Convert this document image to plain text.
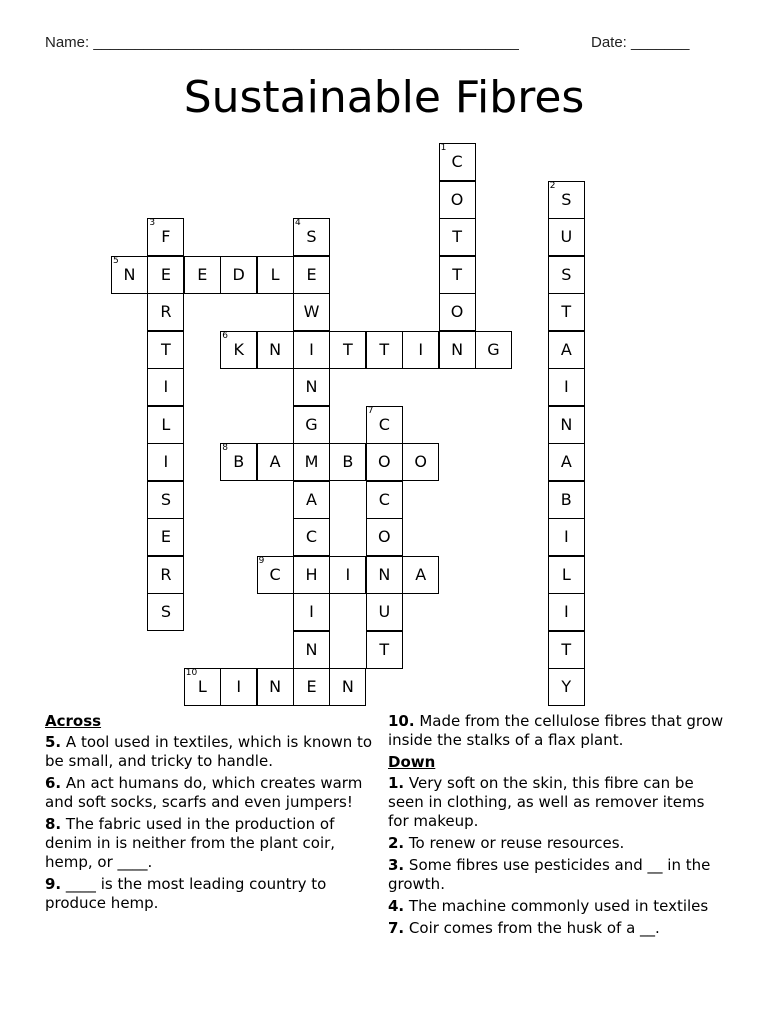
Name: ___________________________________________________	Date: _______
Sustainable Fibres
1
C
O
T
T
O
N
2
S
U
S
T
A
I
N
A
B
I
L
I
T
Y
3
F
E
R
T
I
L
I
S
E
R
S
4
S
E
W
I
N
G
M
A
C
H
I
N
E
5
N	E	D	L
6
K	N	T	T	I	G
7
C
O
C
O
N
U
T
8
B	A	B	O
9
C	I	A
10
L	I	N	N
Across
5. A tool used in textiles, which is known to be small, and tricky to handle.
6. An act humans do, which creates warm and soft socks, scarfs and even jumpers!
8. The fabric used in the production of denim in is neither from the plant coir, hemp, or ____.
9. ____ is the most leading country to produce hemp.
10. Made from the cellulose fibres that grow inside the stalks of a flax plant.
Down
1. Very soft on the skin, this fibre can be seen in clothing, as well as remover items for makeup.
2. To renew or reuse resources.
3. Some fibres use pesticides and __ in the growth.
4. The machine commonly used in textiles
7. Coir comes from the husk of a __.
